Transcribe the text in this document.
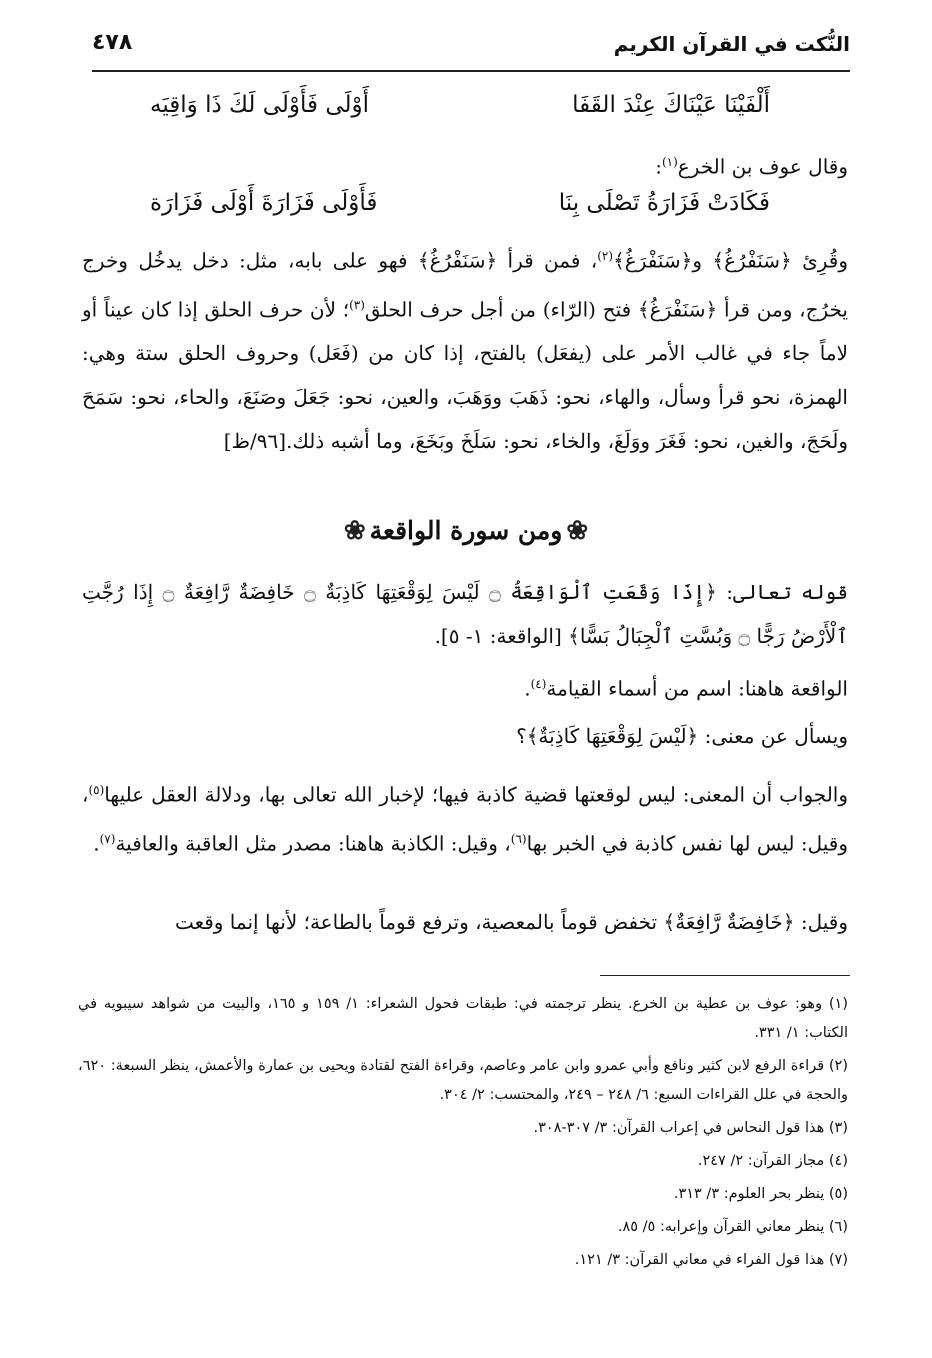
النُّكت في القرآن الكريم
٤٧٨
أَلْفَيْنَا عَيْنَاكَ عِنْدَ القَفَا
أَوْلَى فَأَوْلَى لَكَ ذَا وَاقِيَه
وقال عوف بن الخرع$^{(١)}$:
فَكَادَتْ فَزَارَةُ تَصْلَى بِنَا
فَأَوْلَى فَزَارَةَ أَوْلَى فَزَارَة
وقُرِئ ﴿سَنَفْرُغُ﴾ و﴿سَنَفْرَغُ﴾$^{(٢)}$، فمن قرأ ﴿سَنَفْرُغُ﴾ فهو على بابه، مثل: دخل يدخُل وخرج يخرُج، ومن قرأ ﴿سَنَفْرَغُ﴾ فتح (الرّاء) من أجل حرف الحلق$^{(٣)}$؛ لأن حرف الحلق إذا كان عيناً أو لاماً جاء في غالب الأمر على (يفعَل) بالفتح، إذا كان من (فَعَل) وحروف الحلق ستة وهي: الهمزة، نحو قرأ وسأل، والهاء، نحو: ذَهَبَ ووَهَبَ، والعين، نحو: جَعَلَ وصَنَعَ، والحاء، نحو: سَمَحَ ولَحَجَ، والغين، نحو: فَغَرَ ووَلَغَ، والخاء، نحو: سَلَخَ وبَخَعَ، وما أشبه ذلك.[٩٦/ظ]
❀ومن سورة الواقعة❀
قوله تعالى: ﴿إِذَا وَقَعَتِ ٱلْوَاقِعَةُ ۝ لَيْسَ لِوَقْعَتِهَا كَاذِبَةٌ ۝ خَافِضَةٌ رَّافِعَةٌ ۝ إِذَا رُجَّتِ ٱلْأَرْضُ رَجًّا ۝ وَبُسَّتِ ٱلْجِبَالُ بَسًّا﴾ [الواقعة: ١- ٥].
الواقعة هاهنا: اسم من أسماء القيامة$^{(٤)}$.
ويسأل عن معنى: ﴿لَيْسَ لِوَقْعَتِهَا كَاذِبَةٌ﴾؟
والجواب أن المعنى: ليس لوقعتها قضية كاذبة فيها؛ لإخبار الله تعالى بها، ودلالة العقل عليها$^{(٥)}$، وقيل: ليس لها نفس كاذبة في الخبر بها$^{(٦)}$، وقيل: الكاذبة هاهنا: مصدر مثل العاقبة والعافية$^{(٧)}$.
وقيل: ﴿خَافِضَةٌ رَّافِعَةٌ﴾ تخفض قوماً بالمعصية، وترفع قوماً بالطاعة؛ لأنها إنما وقعت

(١) وهو: عوف بن عطية بن الخرع. ينظر ترجمته في: طبقات فحول الشعراء: ١/ ١٥٩ و ١٦٥، والبيت من شواهد سيبويه في الكتاب: ١/ ٣٣١.

(٢) قراءة الرفع لابن كثير ونافع وأبي عمرو وابن عامر وعاصم، وقراءة الفتح لقتادة ويحيى بن عمارة والأعمش، ينظر السبعة: ٦٢٠، والحجة في علل القراءات السبع: ٦/ ٢٤٨ – ٢٤٩، والمحتسب: ٢/ ٣٠٤.

(٣) هذا قول النحاس في إعراب القرآن: ٣/ ٣٠٧-٣٠٨.

(٤) مجاز القرآن: ٢/ ٢٤٧.

(٥) ينظر بحر العلوم: ٣/ ٣١٣.

(٦) ينظر معاني القرآن وإعرابه: ٥/ ٨٥.

(٧) هذا قول الفراء في معاني القرآن: ٣/ ١٢١.
